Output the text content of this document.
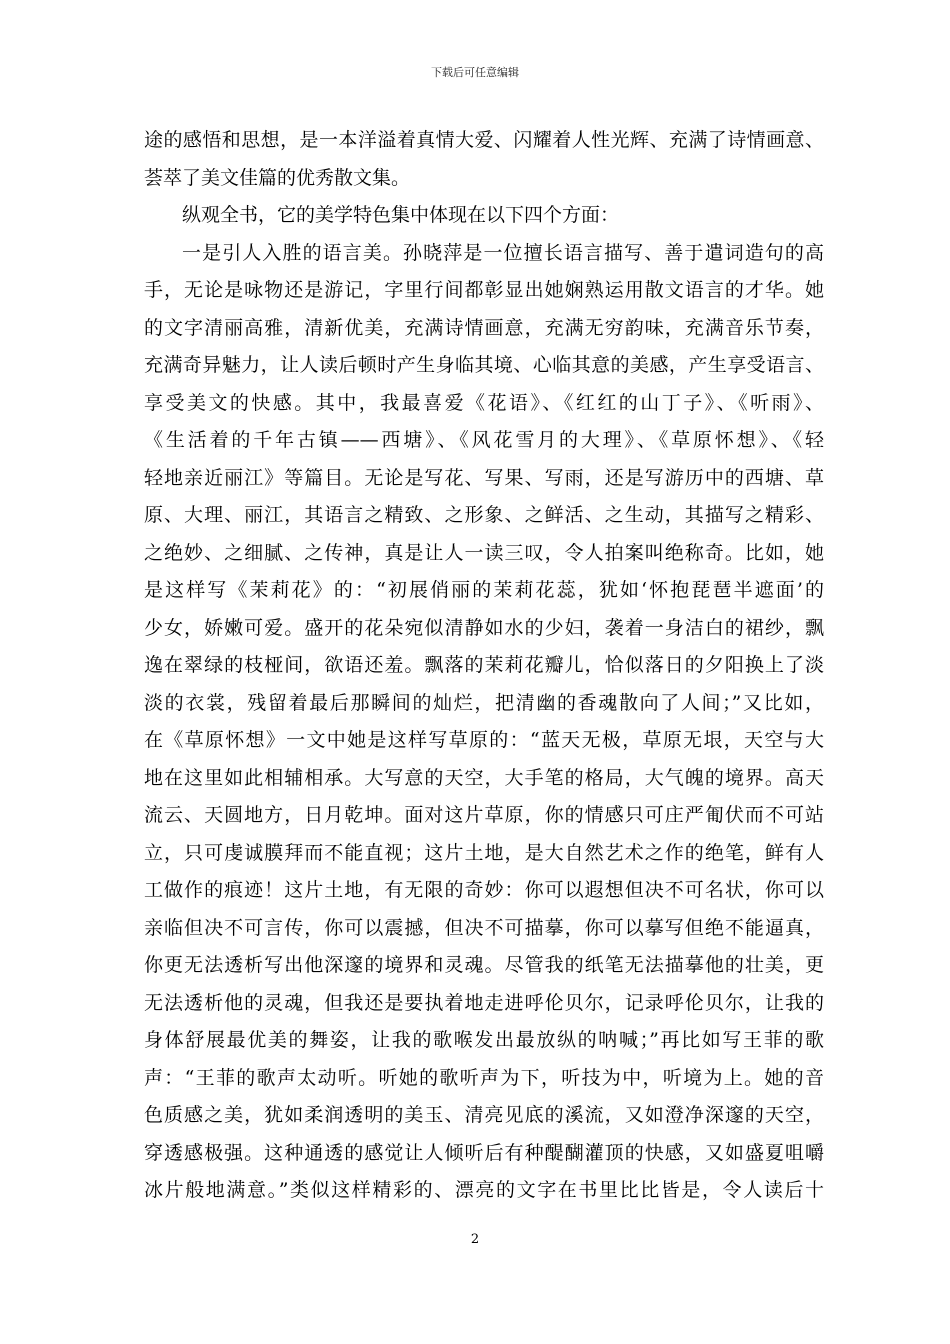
下载后可任意编辑
途的感悟和思想，是一本洋溢着真情大爱、闪耀着人性光辉、充满了诗情画意、
荟萃了美文佳篇的优秀散文集。
纵观全书，它的美学特色集中体现在以下四个方面：
一是引人入胜的语言美。孙晓萍是一位擅长语言描写、善于遣词造句的高
手，无论是咏物还是游记，字里行间都彰显出她娴熟运用散文语言的才华。她
的文字清丽高雅，清新优美，充满诗情画意，充满无穷韵味，充满音乐节奏，
充满奇异魅力，让人读后顿时产生身临其境、心临其意的美感，产生享受语言、
享受美文的快感。其中，我最喜爱《花语》、《红红的山丁子》、《听雨》、
《生活着的千年古镇——西塘》、《风花雪月的大理》、《草原怀想》、《轻
轻地亲近丽江》等篇目。无论是写花、写果、写雨，还是写游历中的西塘、草
原、大理、丽江，其语言之精致、之形象、之鲜活、之生动，其描写之精彩、
之绝妙、之细腻、之传神，真是让人一读三叹，令人拍案叫绝称奇。比如，她
是这样写《茉莉花》的：“初展俏丽的茉莉花蕊，犹如‘怀抱琵琶半遮面’的
少女，娇嫩可爱。盛开的花朵宛似清静如水的少妇，袭着一身洁白的裙纱，飘
逸在翠绿的枝桠间，欲语还羞。飘落的茉莉花瓣儿，恰似落日的夕阳换上了淡
淡的衣裳，残留着最后那瞬间的灿烂，把清幽的香魂散向了人间；”又比如，
在《草原怀想》一文中她是这样写草原的：“蓝天无极，草原无垠，天空与大
地在这里如此相辅相承。大写意的天空，大手笔的格局，大气魄的境界。高天
流云、天圆地方，日月乾坤。面对这片草原，你的情感只可庄严匍伏而不可站
立，只可虔诚膜拜而不能直视；这片土地，是大自然艺术之作的绝笔，鲜有人
工做作的痕迹！这片土地，有无限的奇妙：你可以遐想但决不可名状，你可以
亲临但决不可言传，你可以震撼，但决不可描摹，你可以摹写但绝不能逼真，
你更无法透析写出他深邃的境界和灵魂。尽管我的纸笔无法描摹他的壮美，更
无法透析他的灵魂，但我还是要执着地走进呼伦贝尔，记录呼伦贝尔，让我的
身体舒展最优美的舞姿，让我的歌喉发出最放纵的呐喊；”再比如写王菲的歌
声：“王菲的歌声太动听。听她的歌听声为下，听技为中，听境为上。她的音
色质感之美，犹如柔润透明的美玉、清亮见底的溪流，又如澄净深邃的天空，
穿透感极强。这种通透的感觉让人倾听后有种醍醐灌顶的快感，又如盛夏咀嚼
冰片般地满意。”类似这样精彩的、漂亮的文字在书里比比皆是，令人读后十
2
